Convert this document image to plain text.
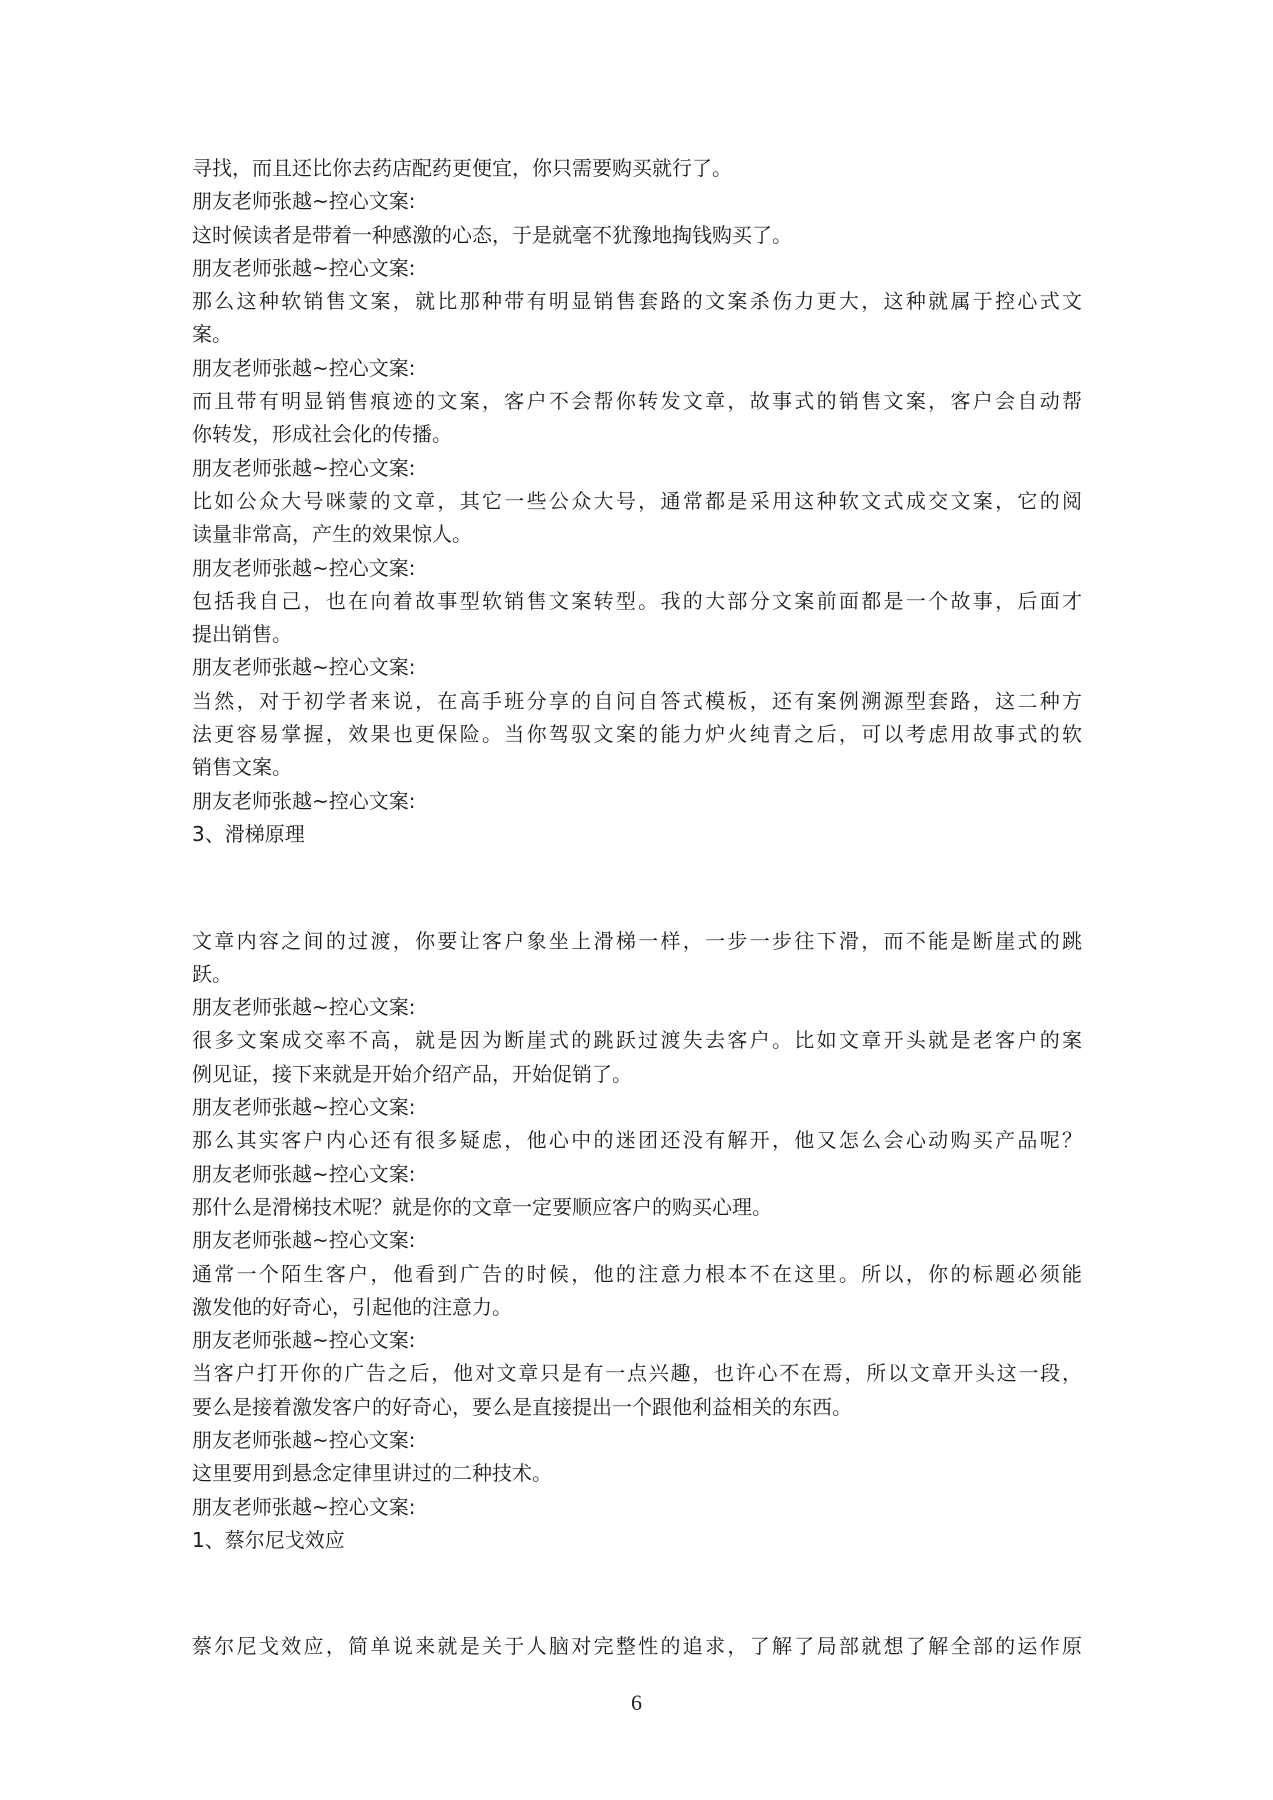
寻找，而且还比你去药店配药更便宜，你只需要购买就行了。

朋友老师张越~控心文案:

这时候读者是带着一种感激的心态，于是就毫不犹豫地掏钱购买了。

朋友老师张越~控心文案:

那么这种软销售文案，就比那种带有明显销售套路的文案杀伤力更大，这种就属于控心式文

案。

朋友老师张越~控心文案:

而且带有明显销售痕迹的文案，客户不会帮你转发文章，故事式的销售文案，客户会自动帮

你转发，形成社会化的传播。

朋友老师张越~控心文案:

比如公众大号咪蒙的文章，其它一些公众大号，通常都是采用这种软文式成交文案，它的阅

读量非常高，产生的效果惊人。

朋友老师张越~控心文案:

包括我自己，也在向着故事型软销售文案转型。我的大部分文案前面都是一个故事，后面才

提出销售。

朋友老师张越~控心文案:

当然，对于初学者来说，在高手班分享的自问自答式模板，还有案例溯源型套路，这二种方

法更容易掌握，效果也更保险。当你驾驭文案的能力炉火纯青之后，可以考虑用故事式的软

销售文案。

朋友老师张越~控心文案:

3、滑梯原理

文章内容之间的过渡，你要让客户象坐上滑梯一样，一步一步往下滑，而不能是断崖式的跳

跃。

朋友老师张越~控心文案:

很多文案成交率不高，就是因为断崖式的跳跃过渡失去客户。比如文章开头就是老客户的案

例见证，接下来就是开始介绍产品，开始促销了。

朋友老师张越~控心文案:

那么其实客户内心还有很多疑虑，他心中的迷团还没有解开，他又怎么会心动购买产品呢？

朋友老师张越~控心文案:

那什么是滑梯技术呢？就是你的文章一定要顺应客户的购买心理。

朋友老师张越~控心文案:

通常一个陌生客户，他看到广告的时候，他的注意力根本不在这里。所以，你的标题必须能

激发他的好奇心，引起他的注意力。

朋友老师张越~控心文案:

当客户打开你的广告之后，他对文章只是有一点兴趣，也许心不在焉，所以文章开头这一段，

要么是接着激发客户的好奇心，要么是直接提出一个跟他利益相关的东西。

朋友老师张越~控心文案:

这里要用到悬念定律里讲过的二种技术。

朋友老师张越~控心文案:

1、蔡尔尼戈效应

蔡尔尼戈效应，简单说来就是关于人脑对完整性的追求，了解了局部就想了解全部的运作原

6
